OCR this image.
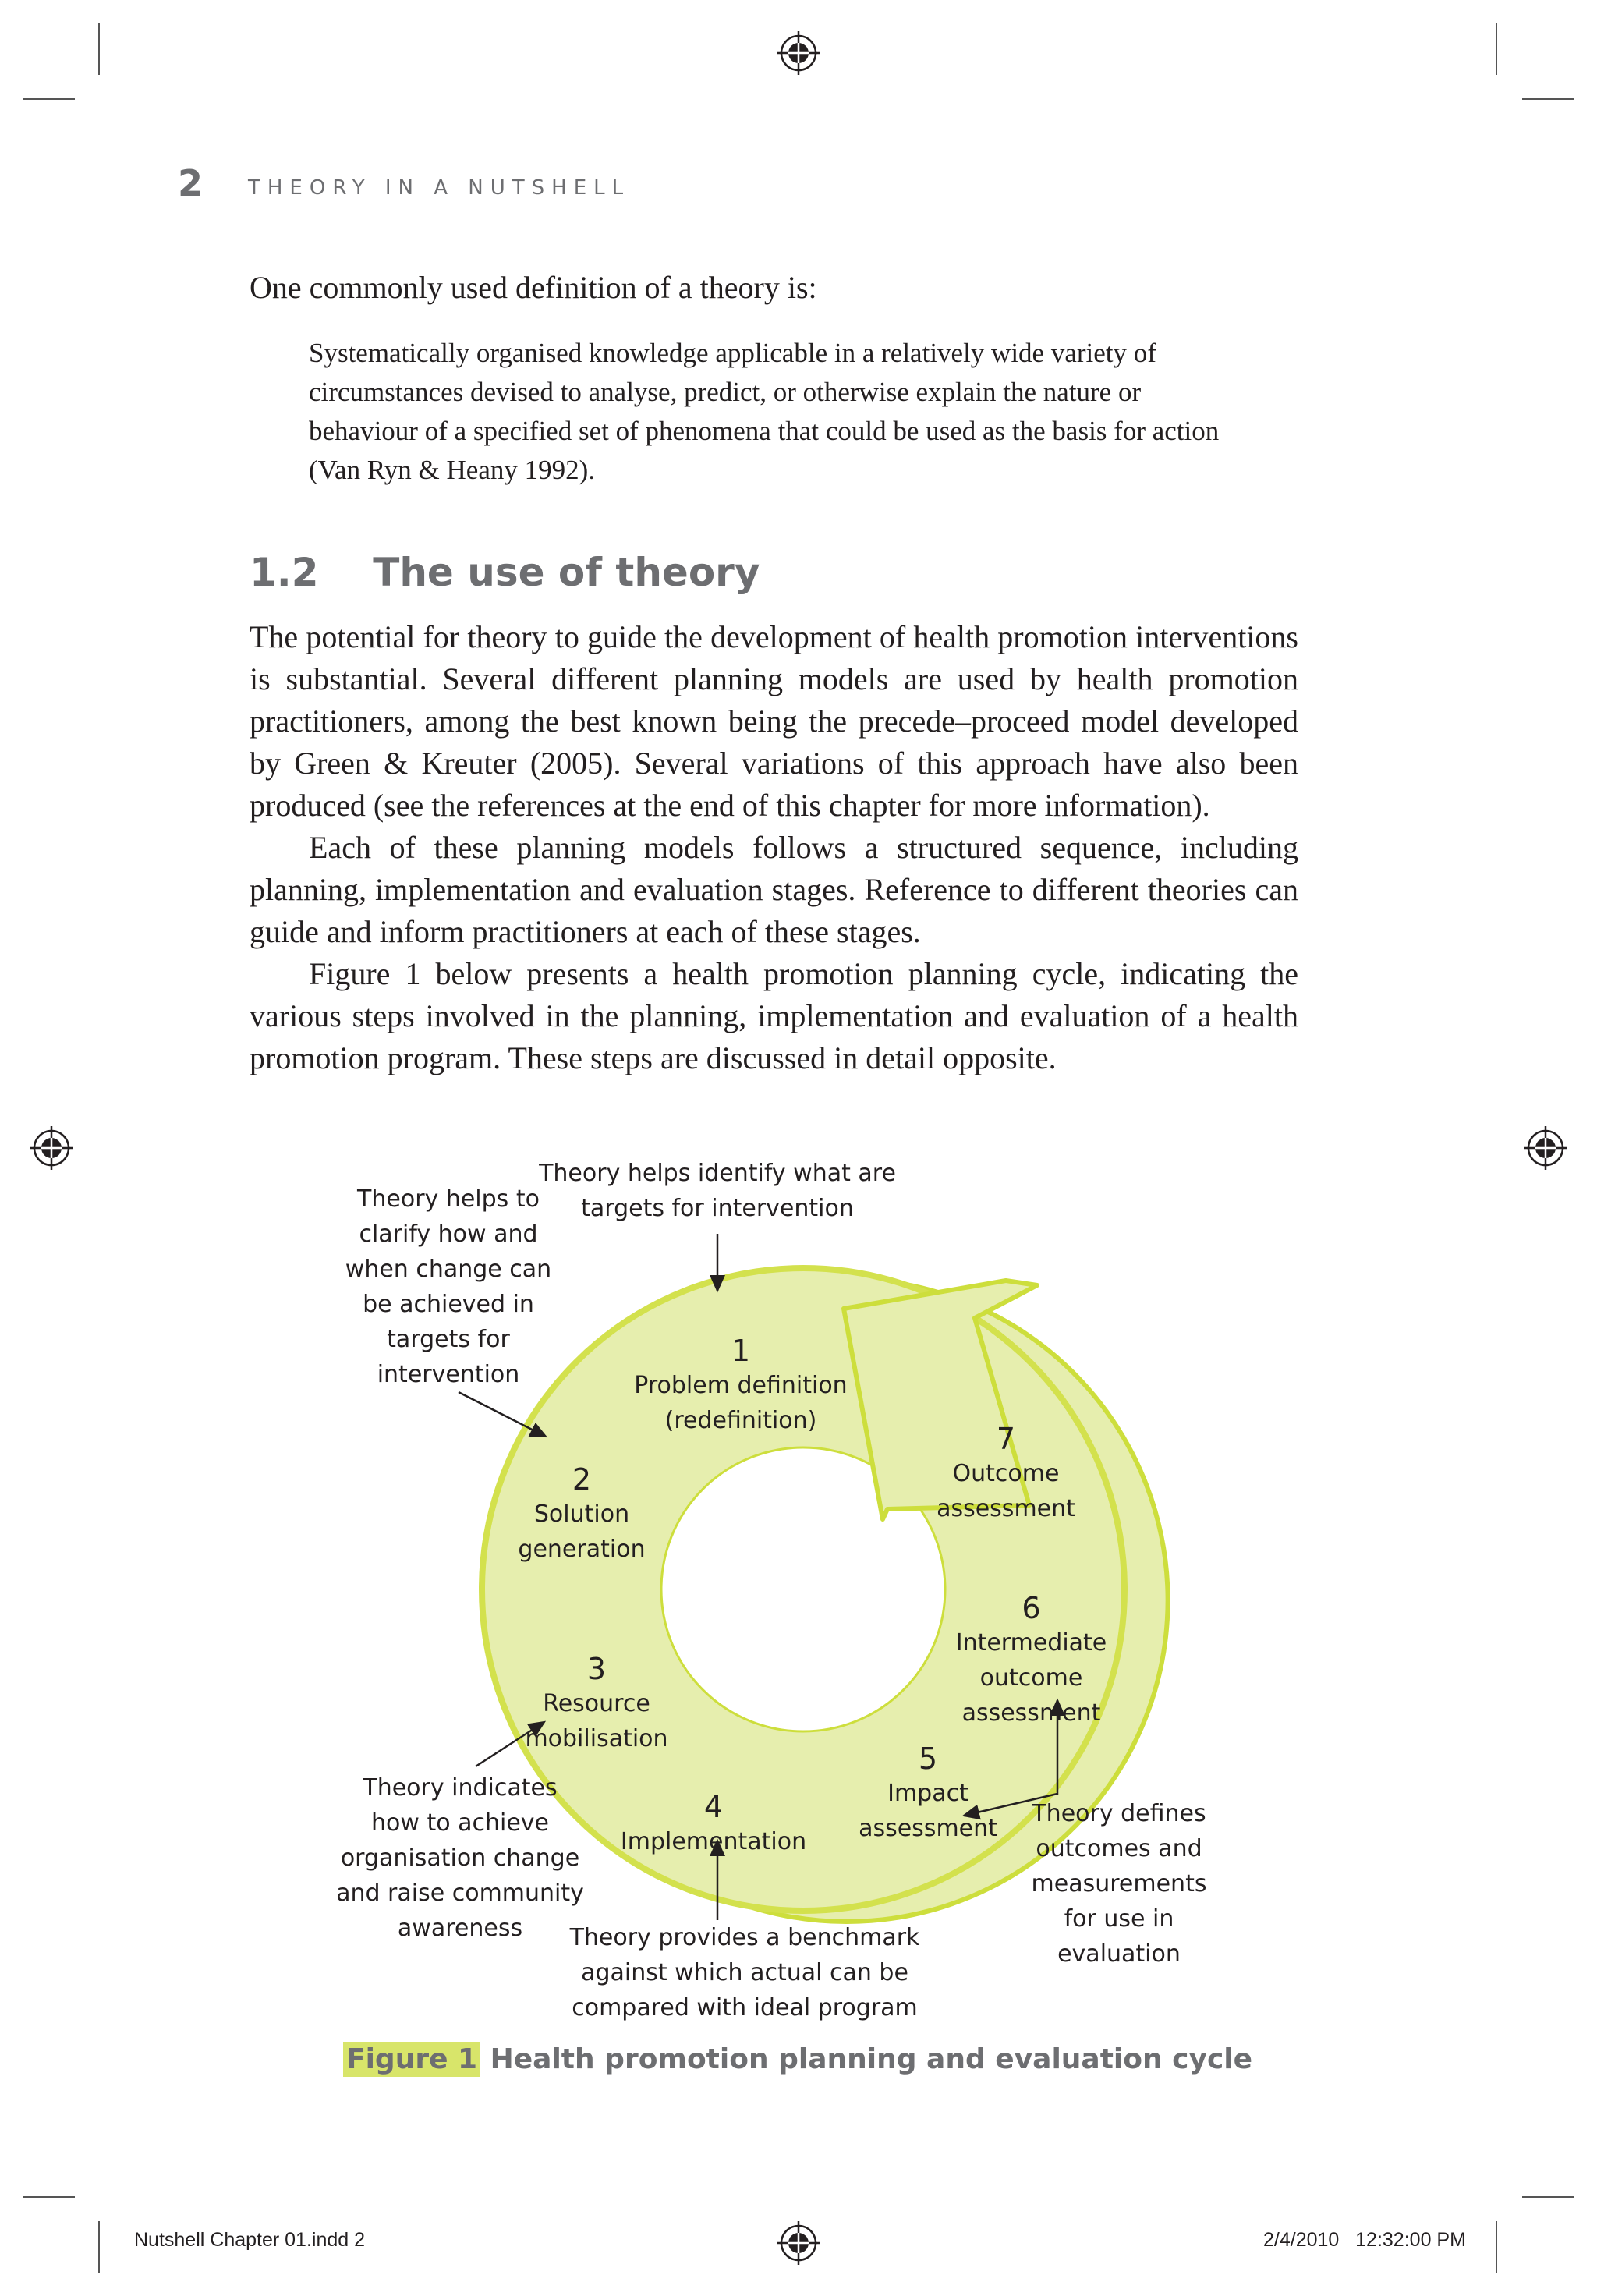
2 THEORY IN A NUTSHELL
One commonly used definition of a theory is:
Systematically organised knowledge applicable in a relatively wide variety of circumstances devised to analyse, predict, or otherwise explain the nature or behaviour of a specified set of phenomena that could be used as the basis for action (Van Ryn & Heany 1992).
1.2 The use of theory

The potential for theory to guide the development of health promotion interventions is substantial. Several different planning models are used by health promotion practitioners, among the best known being the precede–proceed model developed by Green & Kreuter (2005). Several variations of this approach have also been produced (see the references at the end of this chapter for more information).

Each of these planning models follows a structured sequence, including planning, implementation and evaluation stages. Reference to different theories can guide and inform practitioners at each of these stages.

Figure 1 below presents a health promotion planning cycle, indicating the various steps involved in the planning, implementation and evaluation of a health promotion program. These steps are discussed in detail opposite.

1
Problem definition
(redefinition)

2
Solution
generation

3
Resource
mobilisation

4
Implementation

5
Impact
assessment

6
Intermediate
outcome
assessment

7
Outcome
assessment

Theory helps identify what are
targets for intervention
Theory helps to
clarify how and
when change can
be achieved in
targets for
intervention
Theory indicates
how to achieve
organisation change
and raise community
awareness	Theory provides a benchmark
against which actual can be
compared with ideal program
Theory defines
outcomes and
measurements
for use in
evaluation
Figure 1 Health promotion planning and evaluation cycle
Nutshell Chapter 01.indd 2	2/4/2010   12:32:00 PM
